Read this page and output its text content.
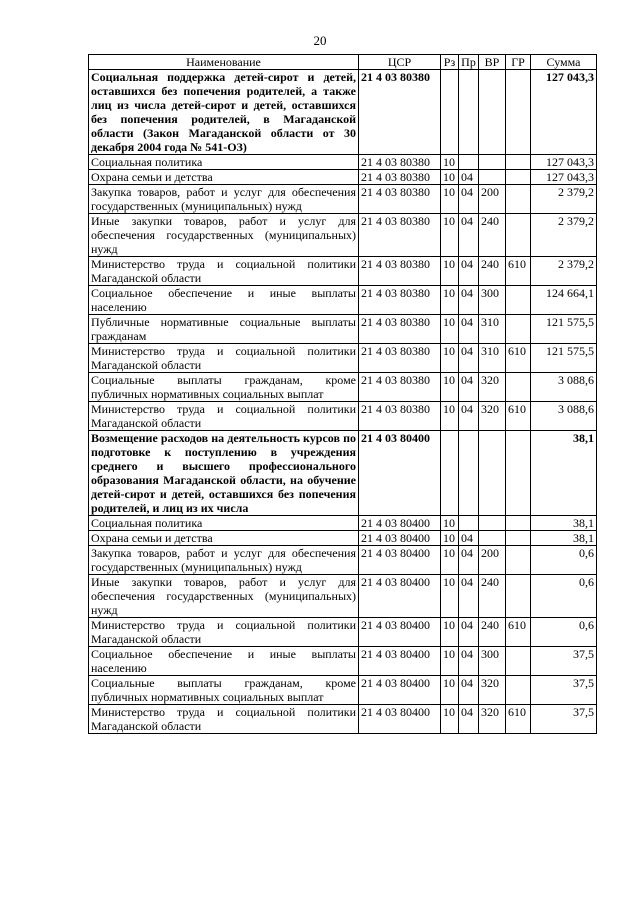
20
Наименование	ЦСР	Рз	Пр	ВР	ГР	Сумма
Социальная поддержка детей-сирот и детей, оставшихся без попечения родителей, а также лиц из числа детей-сирот и детей, оставшихся без попечения родителей, в Магаданской области (Закон Магаданской области от 30 декабря 2004 года № 541-ОЗ)	21 4 03 80380					127 043,3
Социальная политика	21 4 03 80380	10				127 043,3
Охрана семьи и детства	21 4 03 80380	10	04			127 043,3
Закупка товаров, работ и услуг для обеспечения государственных (муниципальных) нужд	21 4 03 80380	10	04	200		2 379,2
Иные закупки товаров, работ и услуг для обеспечения государственных (муниципальных) нужд	21 4 03 80380	10	04	240		2 379,2
Министерство труда и социальной политики Магаданской области	21 4 03 80380	10	04	240	610	2 379,2
Социальное обеспечение и иные выплаты населению	21 4 03 80380	10	04	300		124 664,1
Публичные нормативные социальные выплаты гражданам	21 4 03 80380	10	04	310		121 575,5
Министерство труда и социальной политики Магаданской области	21 4 03 80380	10	04	310	610	121 575,5
Социальные выплаты гражданам, кроме публичных нормативных социальных выплат	21 4 03 80380	10	04	320		3 088,6
Министерство труда и социальной политики Магаданской области	21 4 03 80380	10	04	320	610	3 088,6
Возмещение расходов на деятельность курсов по подготовке к поступлению в учреждения среднего и высшего профессионального образования Магаданской области, на обучение детей-сирот и детей, оставшихся без попечения родителей, и лиц из их числа	21 4 03 80400					38,1
Социальная политика	21 4 03 80400	10				38,1
Охрана семьи и детства	21 4 03 80400	10	04			38,1
Закупка товаров, работ и услуг для обеспечения государственных (муниципальных) нужд	21 4 03 80400	10	04	200		0,6
Иные закупки товаров, работ и услуг для обеспечения государственных (муниципальных) нужд	21 4 03 80400	10	04	240		0,6
Министерство труда и социальной политики Магаданской области	21 4 03 80400	10	04	240	610	0,6
Социальное обеспечение и иные выплаты населению	21 4 03 80400	10	04	300		37,5
Социальные выплаты гражданам, кроме публичных нормативных социальных выплат	21 4 03 80400	10	04	320		37,5
Министерство труда и социальной политики Магаданской области	21 4 03 80400	10	04	320	610	37,5
